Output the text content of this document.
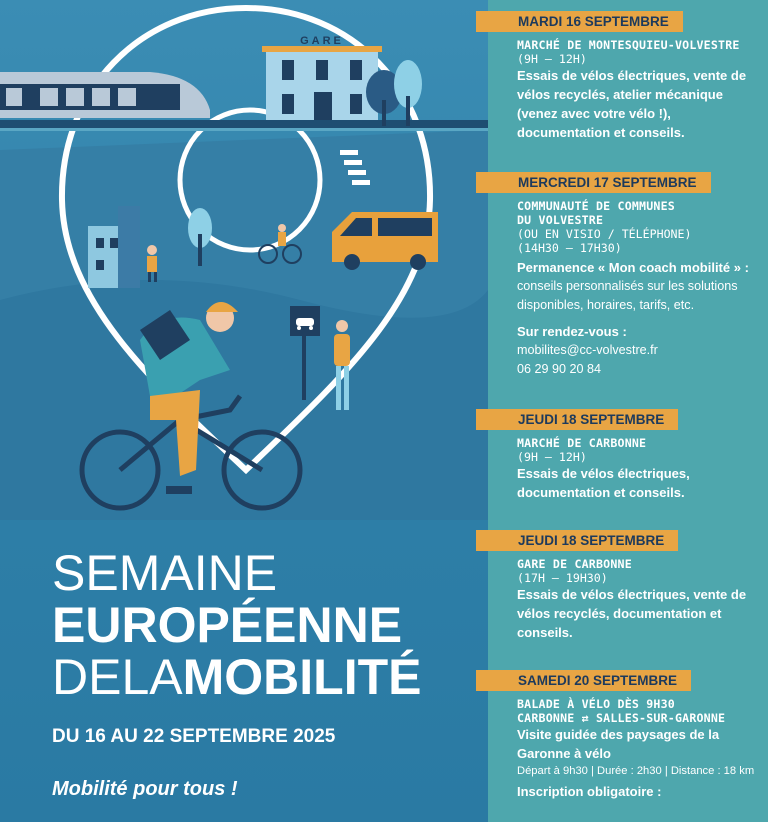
GARE
SEMAINE
EUROPÉENNE
DELAMOBILITÉ
DU 16 AU 22 SEPTEMBRE 2025
Mobilité pour tous !
MARDI 16 SEPTEMBRE
MARCHÉ DE MONTESQUIEU-VOLVESTRE
(9H – 12H)
Essais de vélos électriques, vente de vélos recyclés, atelier mécanique (venez avec votre vélo !), documentation et conseils.
MERCREDI 17 SEPTEMBRE
COMMUNAUTÉ DE COMMUNES
DU VOLVESTRE
(OU EN VISIO / TÉLÉPHONE)
(14H30 – 17H30)
Permanence « Mon coach mobilité » :
conseils personnalisés sur les solutions disponibles, horaires, tarifs, etc.
Sur rendez-vous :
mobilites@cc-volvestre.fr
06 29 90 20 84
JEUDI 18 SEPTEMBRE
MARCHÉ DE CARBONNE
(9H – 12H)
Essais de vélos électriques, documentation et conseils.
JEUDI 18 SEPTEMBRE
GARE DE CARBONNE
(17H – 19H30)
Essais de vélos électriques, vente de vélos recyclés, documentation et conseils.
SAMEDI 20 SEPTEMBRE
BALADE À VÉLO DÈS 9H30
CARBONNE ⇄ SALLES-SUR-GARONNE
Visite guidée des paysages de la Garonne à vélo
Départ à 9h30 | Durée : 2h30 | Distance : 18 km
Inscription obligatoire :
